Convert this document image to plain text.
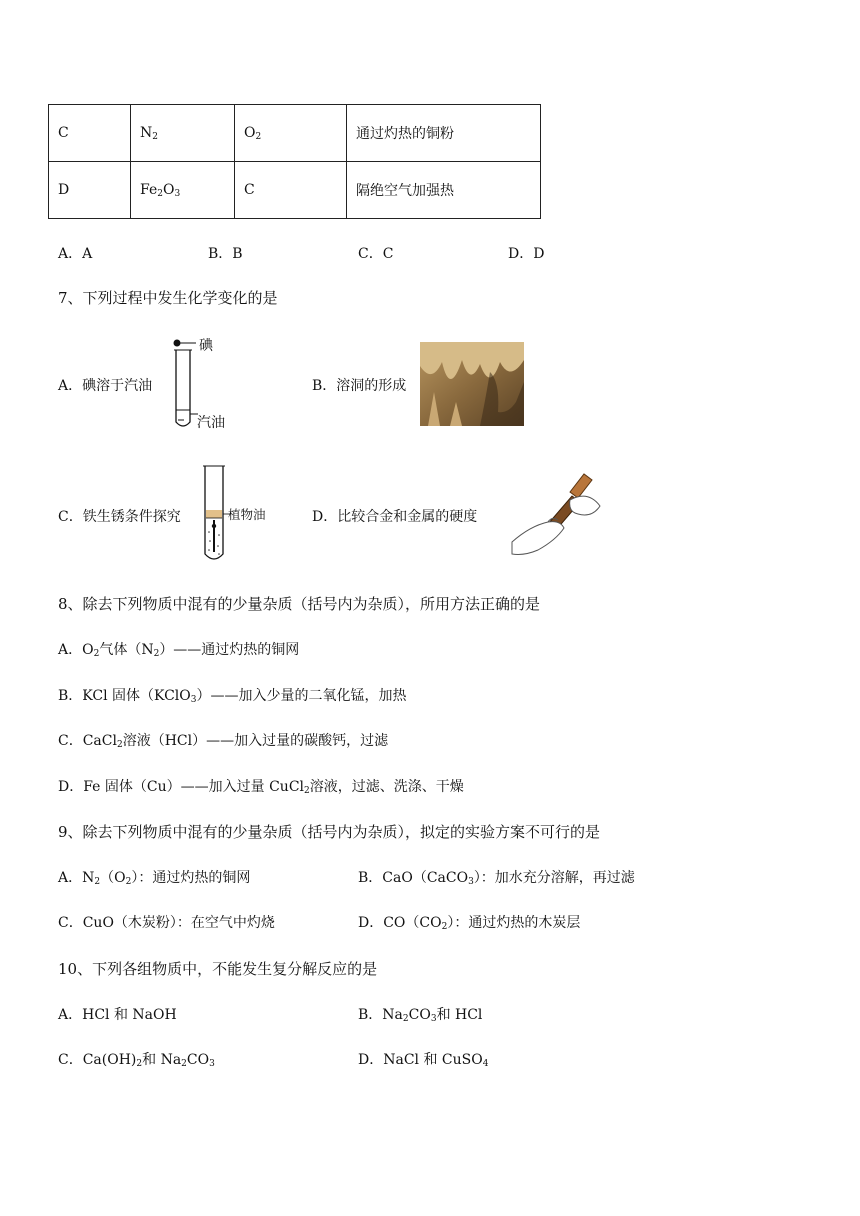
C	$N_2$	$O_2$	通过灼热的铜粉
D	$Fe_2O_3$	C	隔绝空气加强热
A．A	B．B	C．C	D．D
7、下列过程中发生化学变化的是
A．碘溶于汽油
碘
汽油
B．溶洞的形成
C．铁生锈条件探究	植物油	D．比较合金和金属的硬度
8、除去下列物质中混有的少量杂质（括号内为杂质），所用方法正确的是
A．$O_2$气体$(N_2)——$通过灼热的铜网
B．KCl 固体（KClO$_3$）——加入少量的二氧化锰，加热
C．CaCl$_2$溶液（HCl）——加入过量的碳酸钙，过滤
D．Fe 固体（Cu）——加入过量 CuCl$_2$溶液，过滤、洗涤、干燥
9、除去下列物质中混有的少量杂质（括号内为杂质），拟定的实验方案不可行的是
A．$N_2(O_2)$：通过灼热的铜网	B．CaO（CaCO$_3$）：加水充分溶解，再过滤
C．CuO（木炭粉）：在空气中灼烧	D．$CO(CO_2)$：通过灼热的木炭层
10、下列各组物质中，不能发生复分解反应的是
A．HCl 和 NaOH	B．$Na_2CO_3$和 HCl
C．$Ca(OH)_2$和 $Na_2CO_3$	D．NaCl 和 CuSO$_4$
